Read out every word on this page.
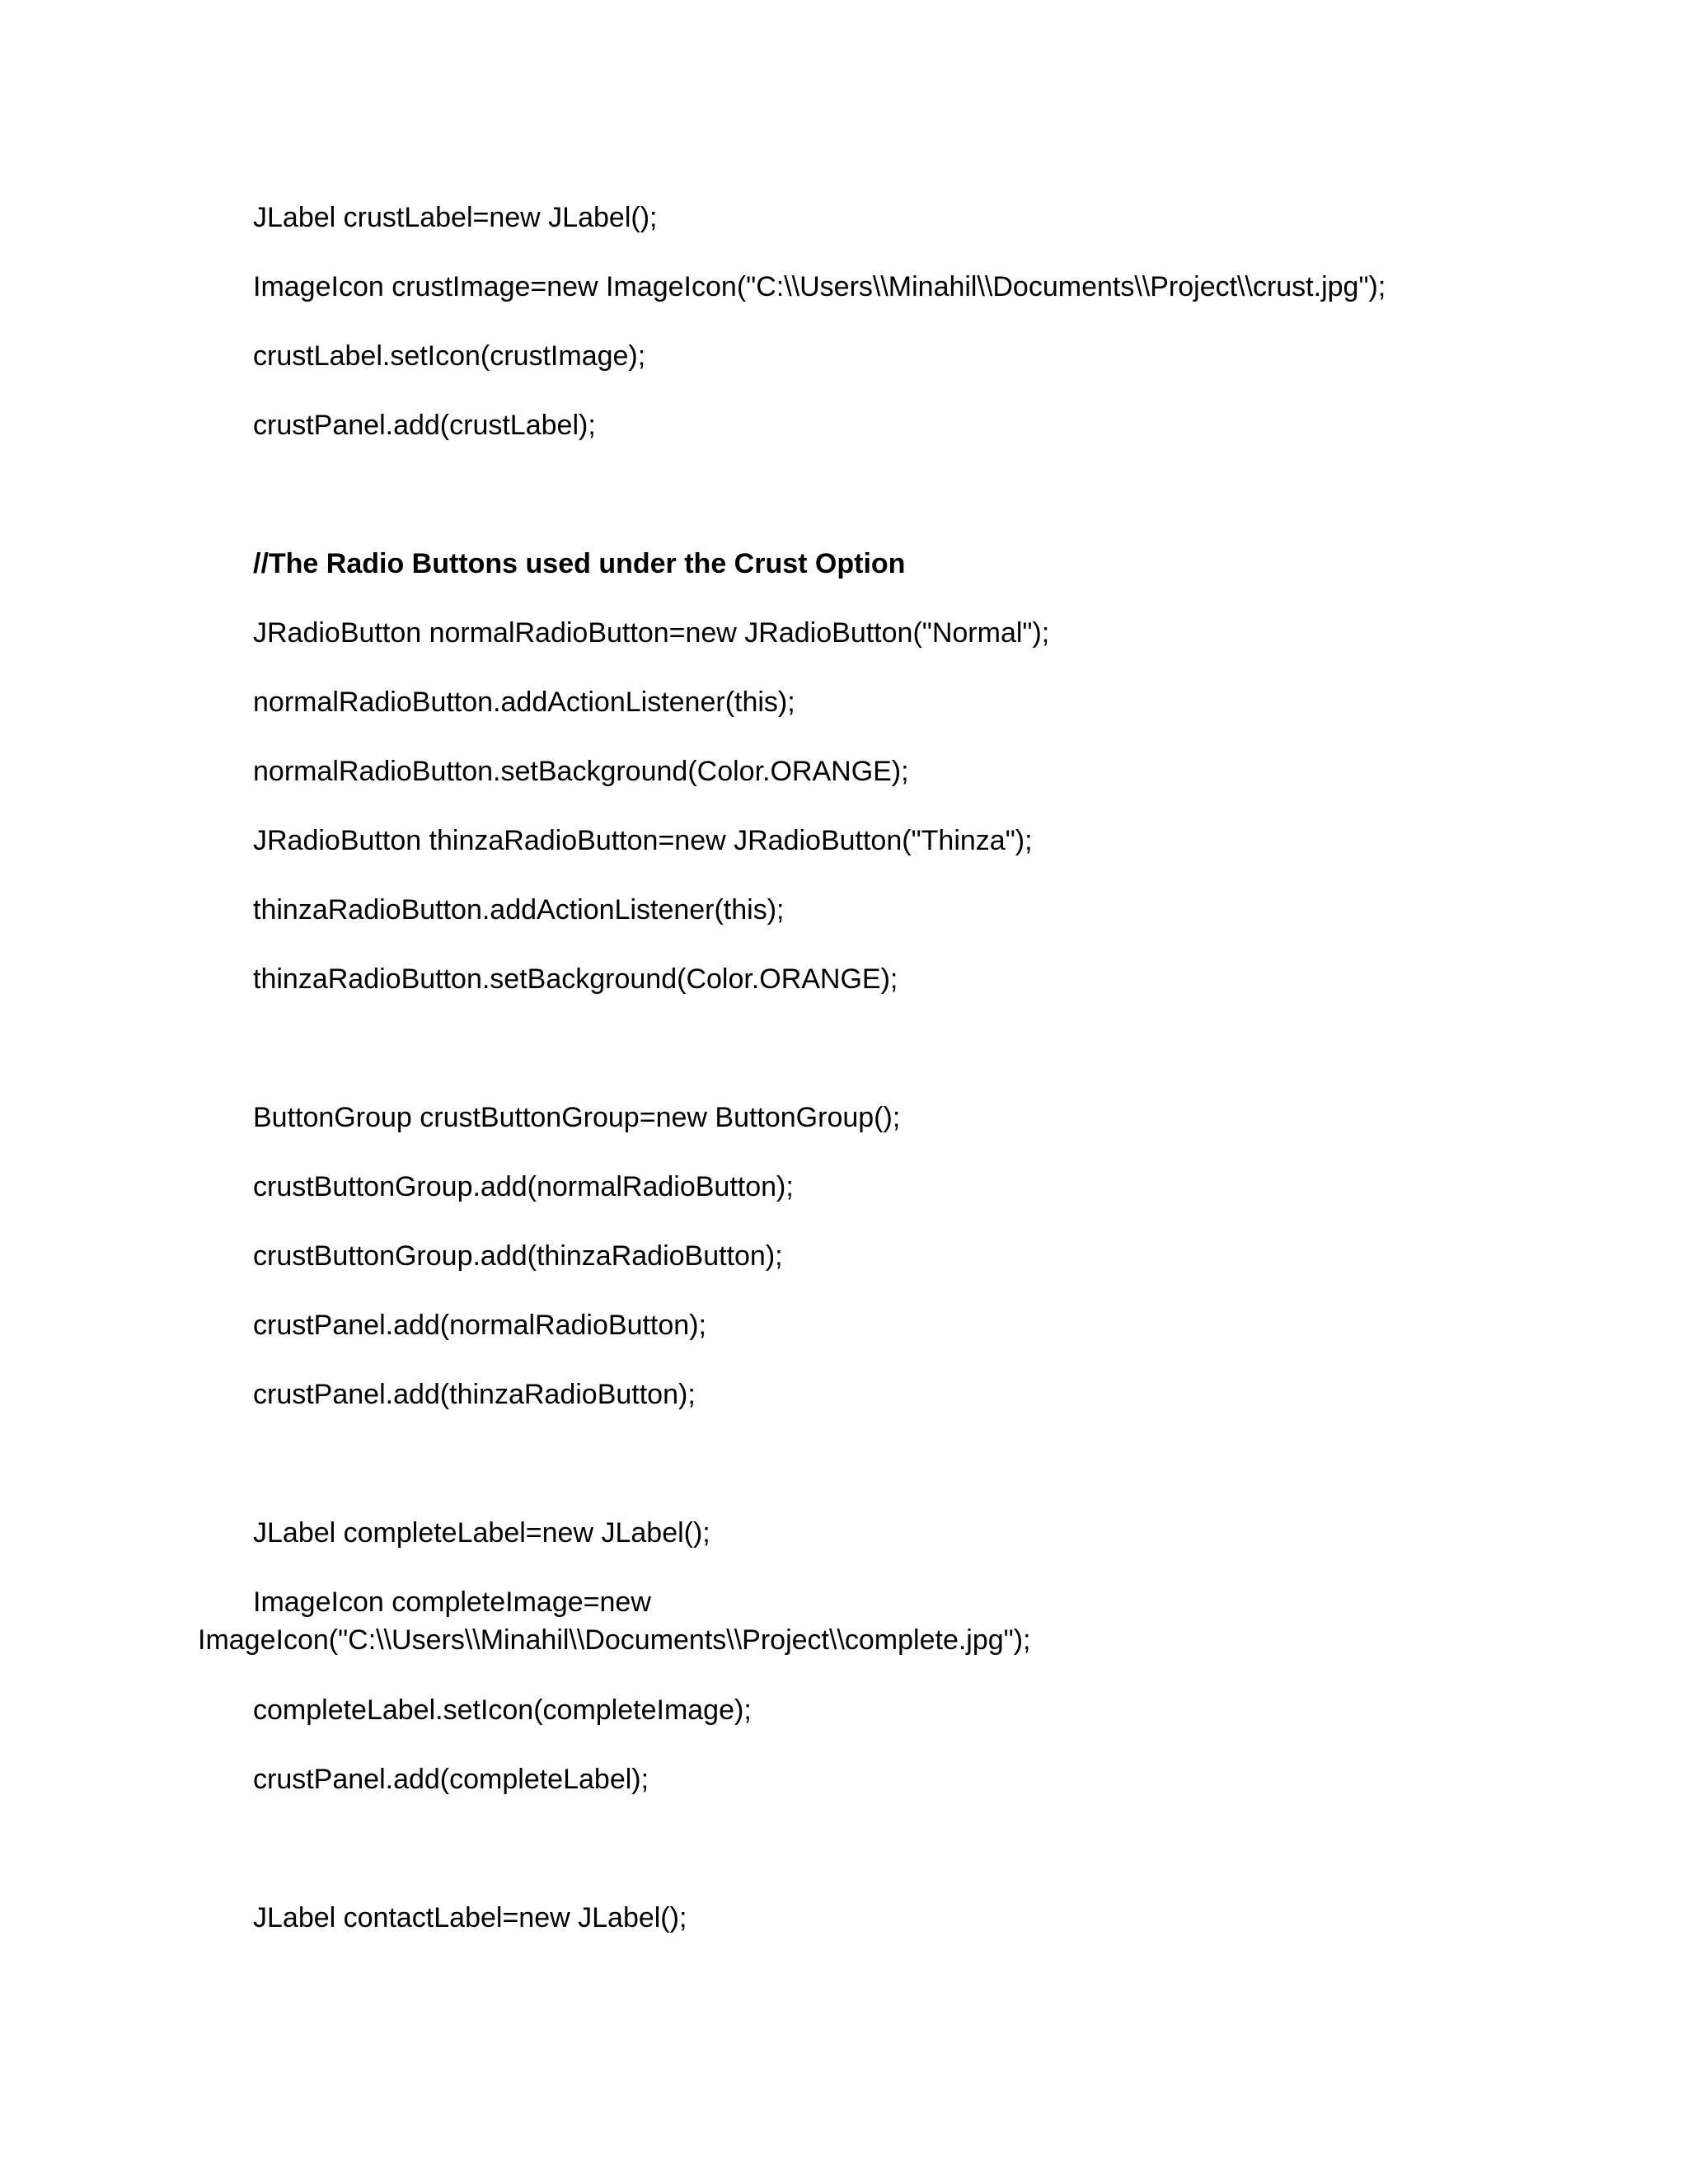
JLabel crustLabel=new JLabel();

ImageIcon crustImage=new ImageIcon("C:\\Users\\Minahil\\Documents\\Project\\crust.jpg");

crustLabel.setIcon(crustImage);

crustPanel.add(crustLabel);

//The Radio Buttons used under the Crust Option

JRadioButton normalRadioButton=new JRadioButton("Normal");

normalRadioButton.addActionListener(this);

normalRadioButton.setBackground(Color.ORANGE);

JRadioButton thinzaRadioButton=new JRadioButton("Thinza");

thinzaRadioButton.addActionListener(this);

thinzaRadioButton.setBackground(Color.ORANGE);

ButtonGroup crustButtonGroup=new ButtonGroup();

crustButtonGroup.add(normalRadioButton);

crustButtonGroup.add(thinzaRadioButton);

crustPanel.add(normalRadioButton);

crustPanel.add(thinzaRadioButton);

JLabel completeLabel=new JLabel();

ImageIcon completeImage=new

ImageIcon("C:\\Users\\Minahil\\Documents\\Project\\complete.jpg");

completeLabel.setIcon(completeImage);

crustPanel.add(completeLabel);

JLabel contactLabel=new JLabel();
